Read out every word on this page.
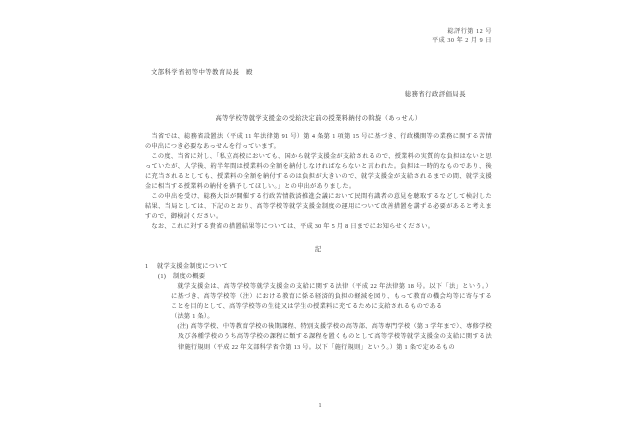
総評行第 12 号
平成 30 年 2 月 9 日
文部科学省初等中等教育局長　殿
総務省行政評価局長
高等学校等就学支援金の受給決定前の授業料納付の斡旋（あっせん）

当省では、総務省設置法（平成 11 年法律第 91 号）第 4 条第 1 項第 15 号に基づき、行政機関等の業務に関する苦情の申出につき必要なあっせんを行っています。

この度、当省に対し、「私立高校においても、国から就学支援金が支給されるので、授業料の実質的な負担はないと思っていたが、入学後、約半年間は授業料の全額を納付しなければならないと言われた。負担は一時的なものであり、後に充当されるとしても、授業料の全額を納付するのは負担が大きいので、就学支援金が支給されるまでの間、就学支援金に相当する授業料の納付を猶予してほしい。」との申出がありました。

この申出を受け、総務大臣が開催する行政苦情救済推進会議において民間有識者の意見を聴取するなどして検討した結果、当局としては、下記のとおり、高等学校等就学支援金制度の運用について改善措置を講ずる必要があると考えますので、御検討ください。

なお、これに対する貴省の措置結果等については、平成 30 年 5 月 8 日までにお知らせください。

記

1 就学支援金制度について

(1) 制度の概要

就学支援金は、高等学校等就学支援金の支給に関する法律（平成 22 年法律第 18 号。以下「法」という。）に基づき、高等学校等（注）における教育に係る経済的負担の軽減を図り、もって教育の機会均等に寄与することを目的として、高等学校等の生徒又は学生の授業料に充てるために支給されるものである

（法第 1 条）。

(注) 高等学校、中等教育学校の後期課程、特別支援学校の高等部、高等専門学校（第 3 学年まで）、専修学校及び各種学校のうち高等学校の課程に類する課程を置くものとして高等学校等就学支援金の支給に関する法律施行規則（平成 22 年文部科学省令第 13 号。以下「施行規則」という。）第 1 条で定めるもの

1
